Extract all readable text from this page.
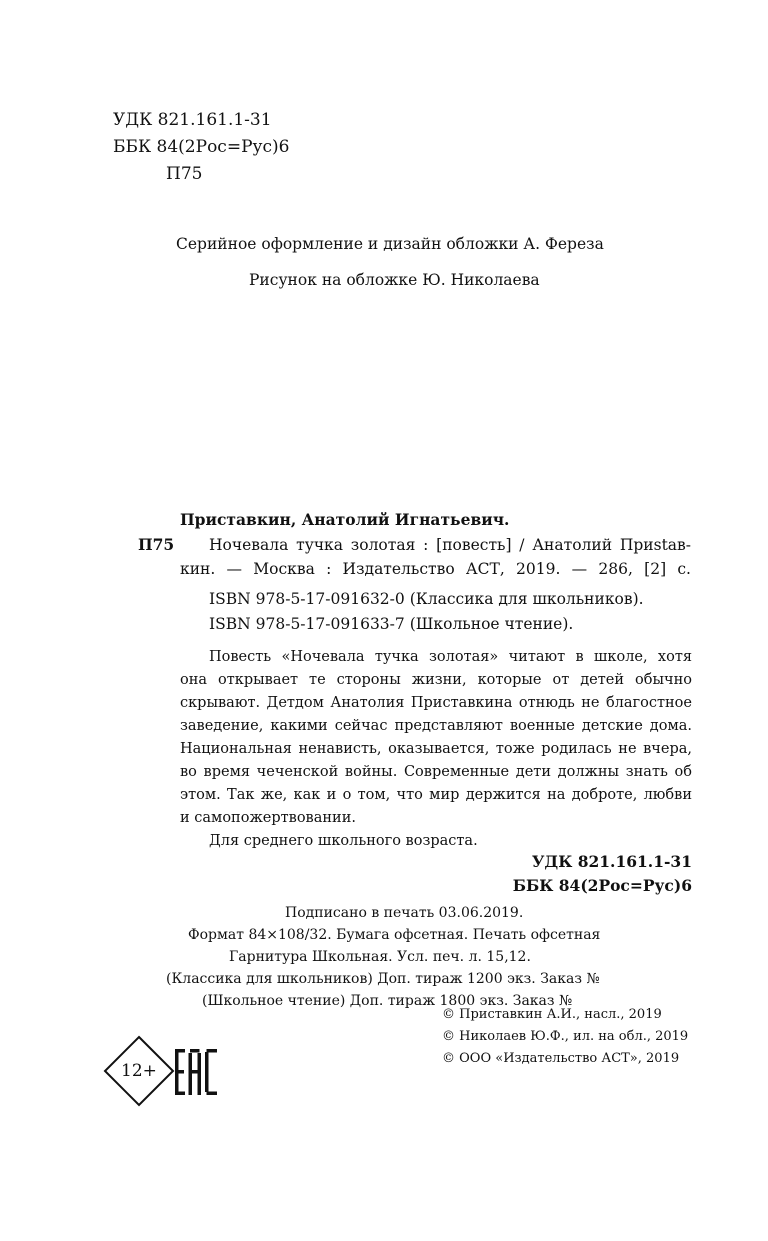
УДК 821.161.1-31
ББК 84(2Рос=Рус)6
П75
Серийное оформление и дизайн обложки А. Фереза
Рисунок на обложке Ю. Николаева
Приставкин, Анатолий Игнатьевич.
П75 Ночевала тучка золотая : [повесть] / Анатолий Приstав-
кин. — Москва : Издательство АСТ, 2019. — 286, [2] с.
ISBN 978-5-17-091632-0 (Классика для школьников).
ISBN 978-5-17-091633-7 (Школьное чтение).
Повесть «Ночевала тучка золотая» читают в школе, хотя
она открывает те стороны жизни, которые от детей обычно
скрывают. Детдом Анатолия Приставкина отнюдь не благостное
заведение, какими сейчас представляют военные детские дома.
Национальная ненависть, оказывается, тоже родилась не вчера,
во время чеченской войны. Современные дети должны знать об
этом. Так же, как и о том, что мир держится на доброте, любви
и самопожертвовании.
Для среднего школьного возраста.
УДК 821.161.1-31
ББК 84(2Рос=Рус)6
Подписано в печать 03.06.2019.
Формат 84×108/32. Бумага офсетная. Печать офсетная
Гарнитура Школьная. Усл. печ. л. 15,12.
(Классика для школьников) Доп. тираж 1200 экз. Заказ №
(Школьное чтение) Доп. тираж 1800 экз. Заказ №
12+
© Приставкин А.И., насл., 2019
© Николаев Ю.Ф., ил. на обл., 2019
© ООО «Издательство АСТ», 2019
